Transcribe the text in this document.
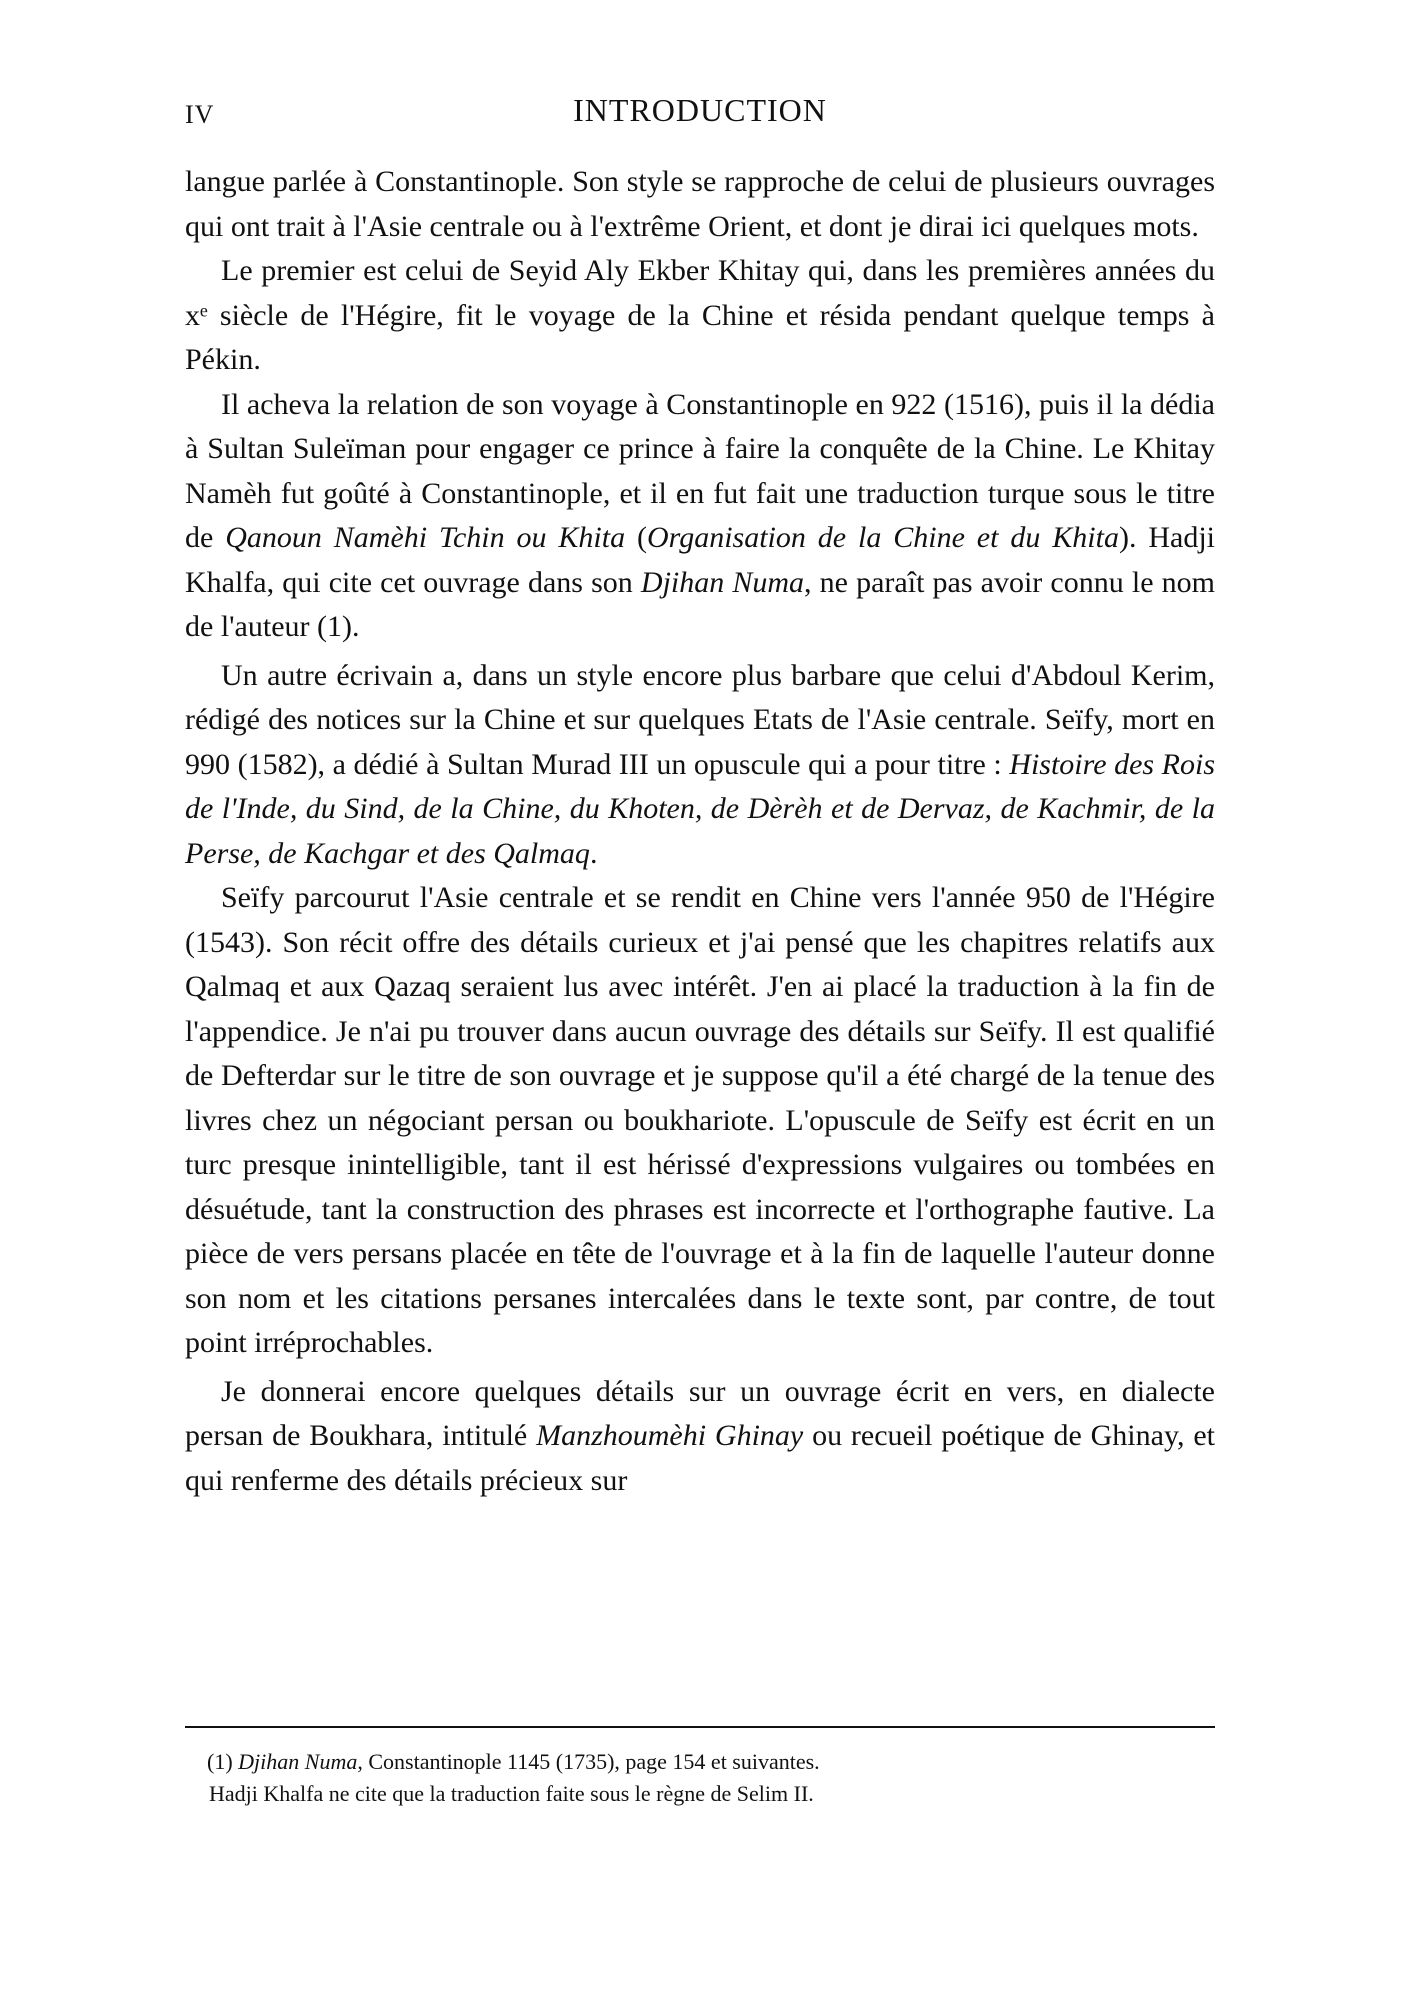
IV	INTRODUCTION

langue parlée à Constantinople. Son style se rapproche de celui de plusieurs ouvrages qui ont trait à l'Asie centrale ou à l'extrême Orient, et dont je dirai ici quelques mots.

Le premier est celui de Seyid Aly Ekber Khitay qui, dans les premières années du xᵉ siècle de l'Hégire, fit le voyage de la Chine et résida pendant quelque temps à Pékin.

Il acheva la relation de son voyage à Constantinople en 922 (1516), puis il la dédia à Sultan Suleïman pour engager ce prince à faire la conquête de la Chine. Le Khitay Namèh fut goûté à Constantinople, et il en fut fait une traduction turque sous le titre de Qanoun Namèhi Tchin ou Khita (Organisation de la Chine et du Khita). Hadji Khalfa, qui cite cet ouvrage dans son Djihan Numa, ne paraît pas avoir connu le nom de l'auteur (1).

Un autre écrivain a, dans un style encore plus barbare que celui d'Abdoul Kerim, rédigé des notices sur la Chine et sur quelques Etats de l'Asie centrale. Seïfy, mort en 990 (1582), a dédié à Sultan Murad III un opuscule qui a pour titre : Histoire des Rois de l'Inde, du Sind, de la Chine, du Khoten, de Dèrèh et de Dervaz, de Kachmir, de la Perse, de Kachgar et des Qalmaq.

Seïfy parcourut l'Asie centrale et se rendit en Chine vers l'année 950 de l'Hégire (1543). Son récit offre des détails curieux et j'ai pensé que les chapitres relatifs aux Qalmaq et aux Qazaq seraient lus avec intérêt. J'en ai placé la traduction à la fin de l'appendice. Je n'ai pu trouver dans aucun ouvrage des détails sur Seïfy. Il est qualifié de Defterdar sur le titre de son ouvrage et je suppose qu'il a été chargé de la tenue des livres chez un négociant persan ou boukhariote. L'opuscule de Seïfy est écrit en un turc presque inintelligible, tant il est hérissé d'expressions vulgaires ou tombées en désuétude, tant la construction des phrases est incorrecte et l'orthographe fautive. La pièce de vers persans placée en tête de l'ouvrage et à la fin de laquelle l'auteur donne son nom et les citations persanes intercalées dans le texte sont, par contre, de tout point irréprochables.

Je donnerai encore quelques détails sur un ouvrage écrit en vers, en dialecte persan de Boukhara, intitulé Manzhoumèhi Ghinay ou recueil poétique de Ghinay, et qui renferme des détails précieux sur

(1) Djihan Numa, Constantinople 1145 (1735), page 154 et suivantes.

Hadji Khalfa ne cite que la traduction faite sous le règne de Selim II.
